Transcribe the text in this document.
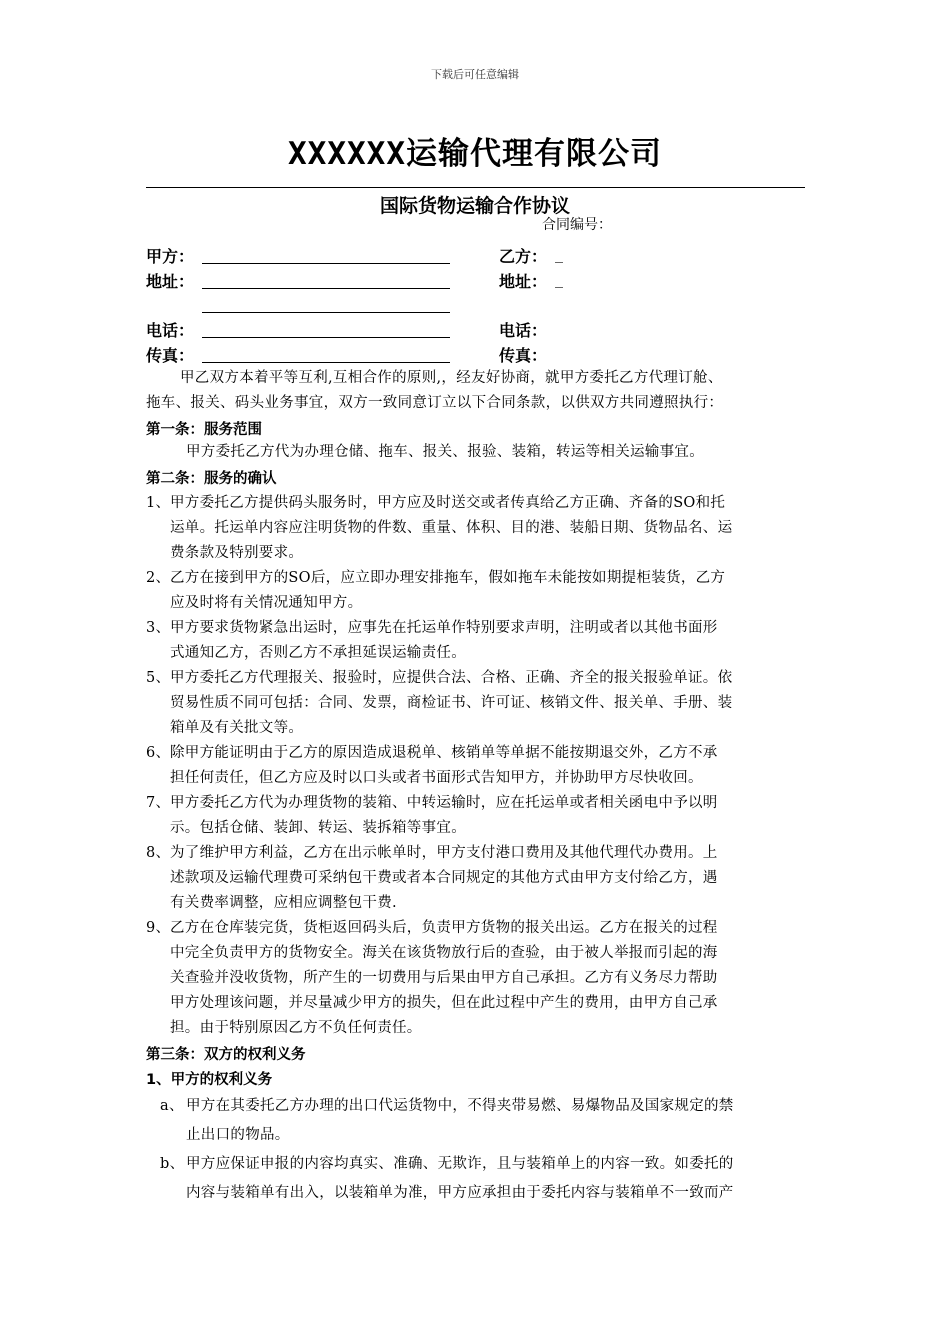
下载后可任意编辑
XXXXXX运输代理有限公司
国际货物运输合作协议
合同编号：
甲方：	乙方： _
地址：	地址： _
电话：	电话：
传真：	传真：
甲乙双方本着平等互利,互相合作的原则,，经友好协商，就甲方委托乙方代理订舱、
拖车、报关、码头业务事宜，双方一致同意订立以下合同条款，以供双方共同遵照执行：
第一条：服务范围
甲方委托乙方代为办理仓储、拖车、报关、报验、装箱，转运等相关运输事宜。
第二条：服务的确认
1、 甲方委托乙方提供码头服务时，甲方应及时送交或者传真给乙方正确、齐备的SO和托
运单。托运单内容应注明货物的件数、重量、体积、目的港、装船日期、货物品名、运
费条款及特别要求。
2、 乙方在接到甲方的SO后，应立即办理安排拖车，假如拖车未能按如期提柜装货，乙方
应及时将有关情况通知甲方。
3、 甲方要求货物紧急出运时，应事先在托运单作特别要求声明，注明或者以其他书面形
式通知乙方，否则乙方不承担延误运输责任。
5、 甲方委托乙方代理报关、报验时，应提供合法、合格、正确、齐全的报关报验单证。依
贸易性质不同可包括：合同、发票，商检证书、许可证、核销文件、报关单、手册、装
箱单及有关批文等。
6、 除甲方能证明由于乙方的原因造成退税单、核销单等单据不能按期退交外，乙方不承
担任何责任，但乙方应及时以口头或者书面形式告知甲方，并协助甲方尽快收回。
7、 甲方委托乙方代为办理货物的装箱、中转运输时，应在托运单或者相关函电中予以明
示。包括仓储、装卸、转运、装拆箱等事宜。
8、 为了维护甲方利益，乙方在出示帐单时，甲方支付港口费用及其他代理代办费用。上
述款项及运输代理费可采纳包干费或者本合同规定的其他方式由甲方支付给乙方，遇
有关费率调整，应相应调整包干费.
9、 乙方在仓库装完货，货柜返回码头后，负责甲方货物的报关出运。乙方在报关的过程
中完全负责甲方的货物安全。海关在该货物放行后的查验，由于被人举报而引起的海
关查验并没收货物，所产生的一切费用与后果由甲方自己承担。乙方有义务尽力帮助
甲方处理该问题，并尽量减少甲方的损失，但在此过程中产生的费用，由甲方自己承
担。由于特别原因乙方不负任何责任。
第三条：双方的权利义务
1、甲方的权利义务
a、 甲方在其委托乙方办理的出口代运货物中，不得夹带易燃、易爆物品及国家规定的禁
止出口的物品。
b、 甲方应保证申报的内容均真实、准确、无欺诈，且与装箱单上的内容一致。如委托的
内容与装箱单有出入，以装箱单为准，甲方应承担由于委托内容与装箱单不一致而产
